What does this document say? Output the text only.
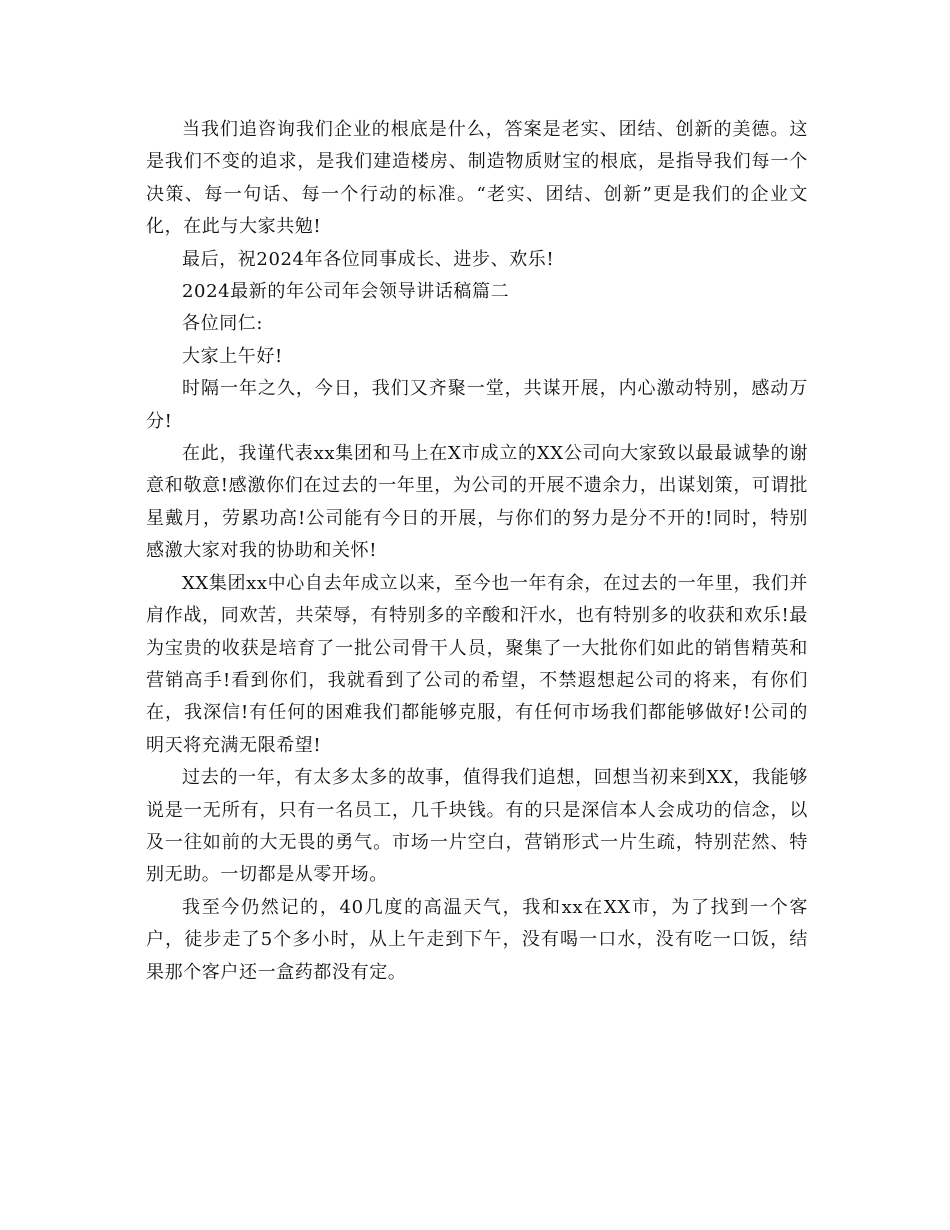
当我们追咨询我们企业的根底是什么，答案是老实、团结、创新的美德。这是我们不变的追求，是我们建造楼房、制造物质财宝的根底，是指导我们每一个决策、每一句话、每一个行动的标准。“老实、团结、创新”更是我们的企业文化，在此与大家共勉!

最后，祝2024年各位同事成长、进步、欢乐!

2024最新的年公司年会领导讲话稿篇二

各位同仁:

大家上午好!

时隔一年之久，今日，我们又齐聚一堂，共谋开展，内心激动特别，感动万分!

在此，我谨代表xx集团和马上在X市成立的XX公司向大家致以最最诚挚的谢意和敬意!感激你们在过去的一年里，为公司的开展不遗余力，出谋划策，可谓批星戴月，劳累功高!公司能有今日的开展，与你们的努力是分不开的!同时，特别感激大家对我的协助和关怀!

XX集团xx中心自去年成立以来，至今也一年有余，在过去的一年里，我们并肩作战，同欢苦，共荣辱，有特别多的辛酸和汗水，也有特别多的收获和欢乐!最为宝贵的收获是培育了一批公司骨干人员，聚集了一大批你们如此的销售精英和营销高手!看到你们，我就看到了公司的希望，不禁遐想起公司的将来，有你们在，我深信!有任何的困难我们都能够克服，有任何市场我们都能够做好!公司的明天将充满无限希望!

过去的一年，有太多太多的故事，值得我们追想，回想当初来到XX，我能够说是一无所有，只有一名员工，几千块钱。有的只是深信本人会成功的信念，以及一往如前的大无畏的勇气。市场一片空白，营销形式一片生疏，特别茫然、特别无助。一切都是从零开场。

我至今仍然记的，40几度的高温天气，我和xx在XX市，为了找到一个客户，徒步走了5个多小时，从上午走到下午，没有喝一口水，没有吃一口饭，结果那个客户还一盒药都没有定。
